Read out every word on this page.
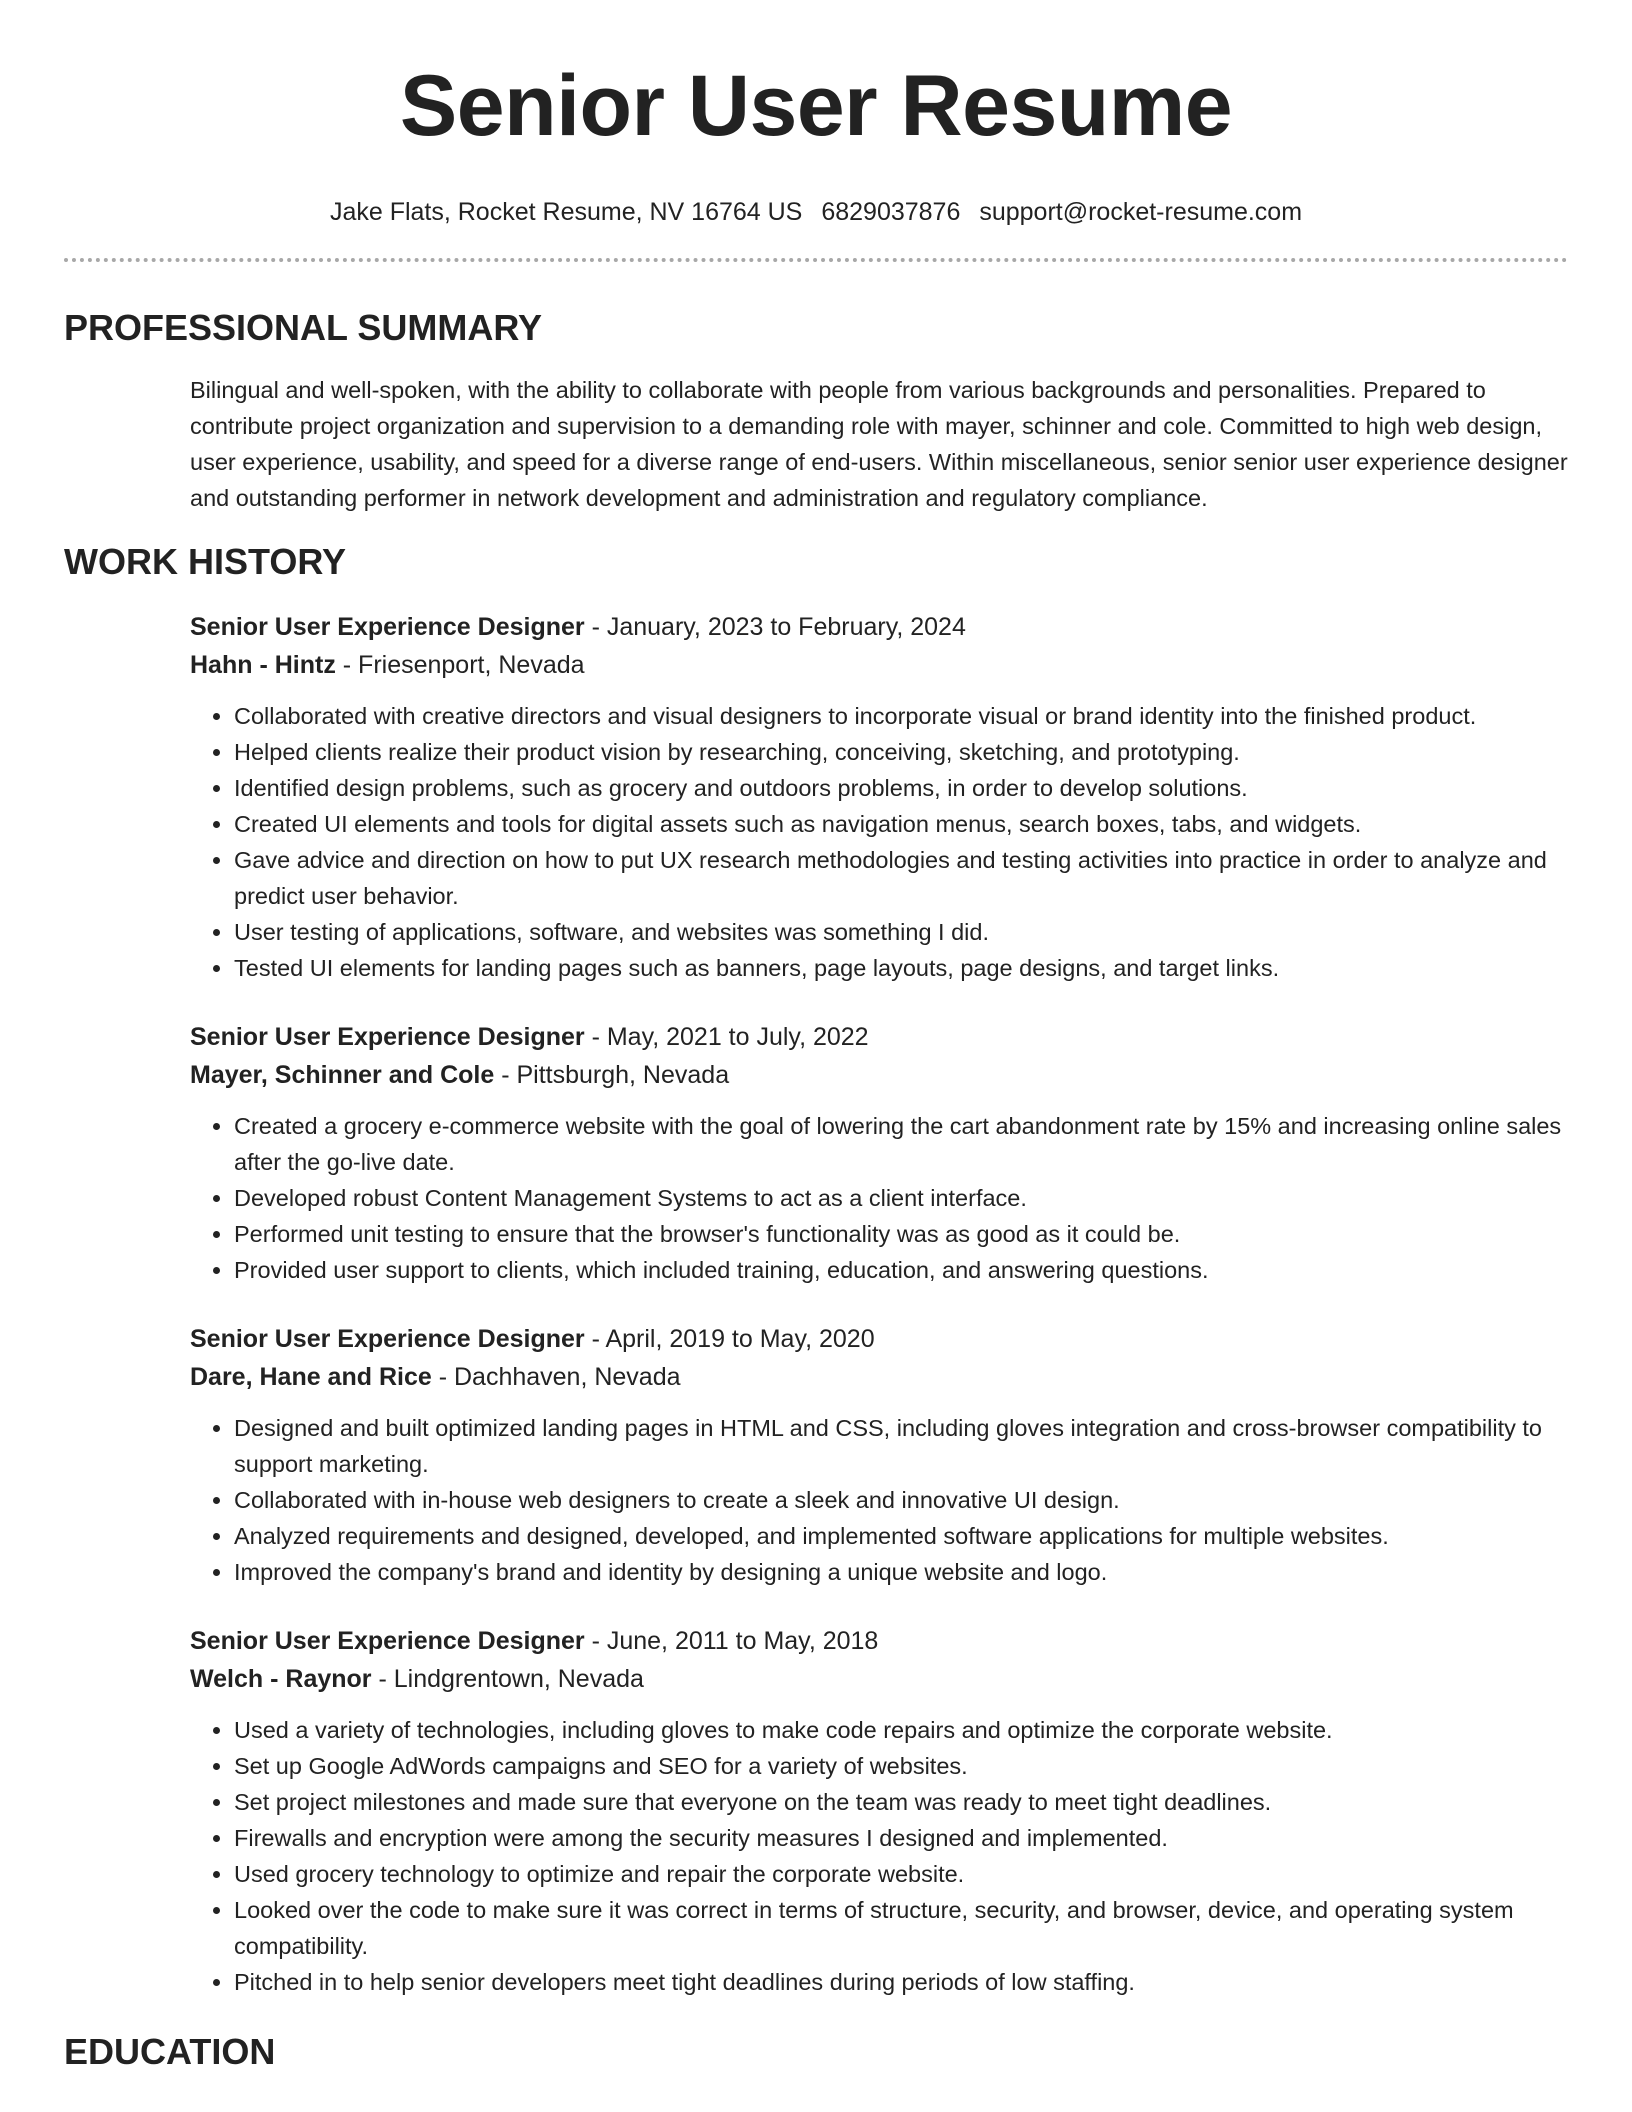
Senior User Resume
Jake Flats, Rocket Resume, NV 16764 US 6829037876 support@rocket-resume.com
PROFESSIONAL SUMMARY

Bilingual and well-spoken, with the ability to collaborate with people from various backgrounds and personalities. Prepared to contribute project organization and supervision to a demanding role with mayer, schinner and cole. Committed to high web design, user experience, usability, and speed for a diverse range of end-users. Within miscellaneous, senior senior user experience designer and outstanding performer in network development and administration and regulatory compliance.

WORK HISTORY
Senior User Experience Designer - January, 2023 to February, 2024
Hahn - Hintz - Friesenport, Nevada
• Collaborated with creative directors and visual designers to incorporate visual or brand identity into the finished product.
• Helped clients realize their product vision by researching, conceiving, sketching, and prototyping.
• Identified design problems, such as grocery and outdoors problems, in order to develop solutions.
• Created UI elements and tools for digital assets such as navigation menus, search boxes, tabs, and widgets.
• Gave advice and direction on how to put UX research methodologies and testing activities into practice in order to analyze and predict user behavior.
• User testing of applications, software, and websites was something I did.
• Tested UI elements for landing pages such as banners, page layouts, page designs, and target links.
Senior User Experience Designer - May, 2021 to July, 2022
Mayer, Schinner and Cole - Pittsburgh, Nevada
• Created a grocery e-commerce website with the goal of lowering the cart abandonment rate by 15% and increasing online sales after the go-live date.
• Developed robust Content Management Systems to act as a client interface.
• Performed unit testing to ensure that the browser's functionality was as good as it could be.
• Provided user support to clients, which included training, education, and answering questions.
Senior User Experience Designer - April, 2019 to May, 2020
Dare, Hane and Rice - Dachhaven, Nevada
• Designed and built optimized landing pages in HTML and CSS, including gloves integration and cross-browser compatibility to support marketing.
• Collaborated with in-house web designers to create a sleek and innovative UI design.
• Analyzed requirements and designed, developed, and implemented software applications for multiple websites.
• Improved the company's brand and identity by designing a unique website and logo.
Senior User Experience Designer - June, 2011 to May, 2018
Welch - Raynor - Lindgrentown, Nevada
• Used a variety of technologies, including gloves to make code repairs and optimize the corporate website.
• Set up Google AdWords campaigns and SEO for a variety of websites.
• Set project milestones and made sure that everyone on the team was ready to meet tight deadlines.
• Firewalls and encryption were among the security measures I designed and implemented.
• Used grocery technology to optimize and repair the corporate website.
• Looked over the code to make sure it was correct in terms of structure, security, and browser, device, and operating system compatibility.
• Pitched in to help senior developers meet tight deadlines during periods of low staffing.
EDUCATION
